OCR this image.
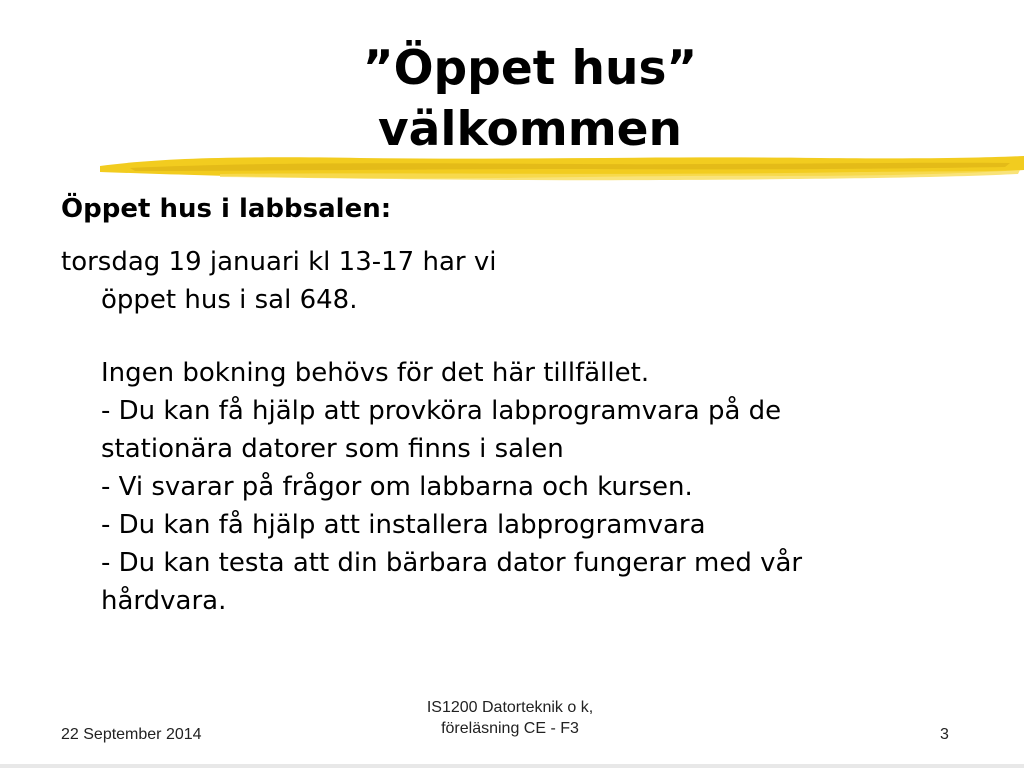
”Öppet hus”
välkommen
Öppet hus i labbsalen:
torsdag 19 januari kl 13-17 har vi
öppet hus i sal 648.
Ingen bokning behövs för det här tillfället.
- Du kan få hjälp att provköra labprogramvara på de
stationära datorer som finns i salen
- Vi svarar på frågor om labbarna och kursen.
- Du kan få hjälp att installera labprogramvara
- Du kan testa att din bärbara dator fungerar med vår
hårdvara.
22 September 2014
IS1200 Datorteknik o k,
föreläsning CE - F3	3
